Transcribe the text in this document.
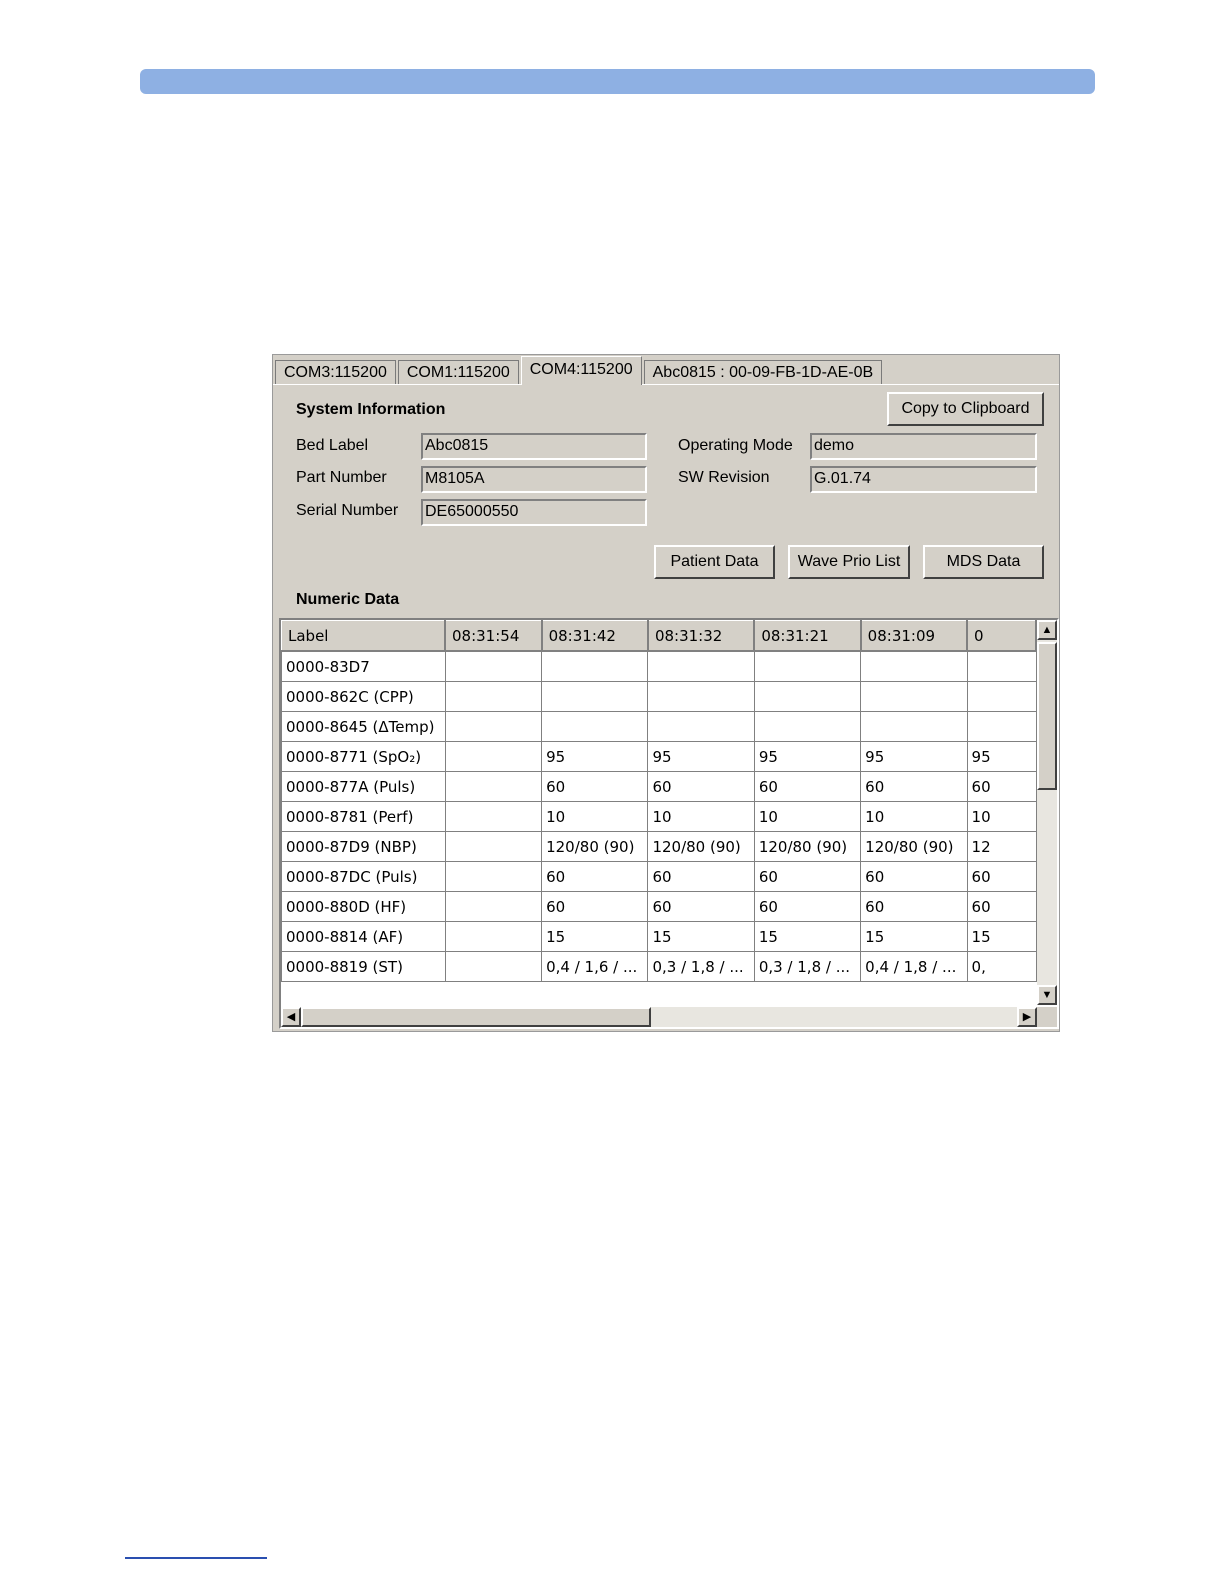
COM3:115200	COM1:115200	COM4:115200	Abc0815 : 00-09-FB-1D-AE-0B
System Information	Copy to Clipboard
Bed Label	Abc0815
Part Number M8105A
Serial Number DE65000550
Operating Mode demo
SW Revision	G.01.74
Patient Data	Wave Prio List	MDS Data
Numeric Data
Label	08:31:54	08:31:42	08:31:32	08:31:21	08:31:09	0
0000-83D7						
0000-862C (CPP)						
0000-8645 (ΔTemp)						
0000-8771 (SpO₂)		95	95	95	95	95
0000-877A (Puls)		60	60	60	60	60
0000-8781 (Perf)		10	10	10	10	10
0000-87D9 (NBP)		120/80 (90)	120/80 (90)	120/80 (90)	120/80 (90)	12
0000-87DC (Puls)		60	60	60	60	60
0000-880D (HF)		60	60	60	60	60
0000-8814 (AF)		15	15	15	15	15
0000-8819 (ST)		0,4 / 1,6 / ...	0,3 / 1,8 / ...	0,3 / 1,8 / ...	0,4 / 1,8 / ...	0,
▲
▼
◀	▶
